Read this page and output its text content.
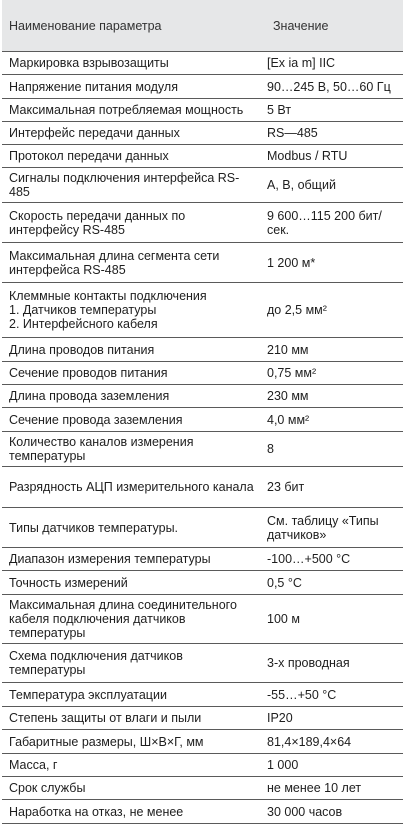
Наименование параметра	Значение
Маркировка взрывозащиты	[Ex ia m] IIC
Напряжение питания модуля	90…245 В, 50…60 Гц
Максимальная потребляемая мощность	5 Вт
Интерфейс передачи данных	RS—485
Протокол передачи данных	Modbus / RTU
Сигналы подключения интерфейса RS-485	А, В, общий
Скорость передачи данных по интерфейсу RS-485	9 600…115 200 бит/сек.
Максимальная длина сегмента сети интерфейса RS-485	1 200 м*
Клеммные контакты подключения
1. Датчиков температуры
2. Интерфейсного кабеля	до 2,5 мм²
Длина проводов питания	210 мм
Сечение проводов питания	0,75 мм²
Длина провода заземления	230 мм
Сечение провода заземления	4,0 мм²
Количество каналов измерения температуры	8
Разрядность АЦП измерительного канала	23 бит
Типы датчиков температуры.	См. таблицу «Типы датчиков»
Диапазон измерения температуры	-100…+500 °C
Точность измерений	0,5 °C
Максимальная длина соединительного кабеля подключения датчиков температуры	100 м
Схема подключения датчиков температуры	3-х проводная
Температура эксплуатации	-55…+50 °C
Степень защиты от влаги и пыли	IP20
Габаритные размеры, Ш×В×Г, мм	81,4×189,4×64
Масса, г	1 000
Срок службы	не менее 10 лет
Наработка на отказ, не менее	30 000 часов
